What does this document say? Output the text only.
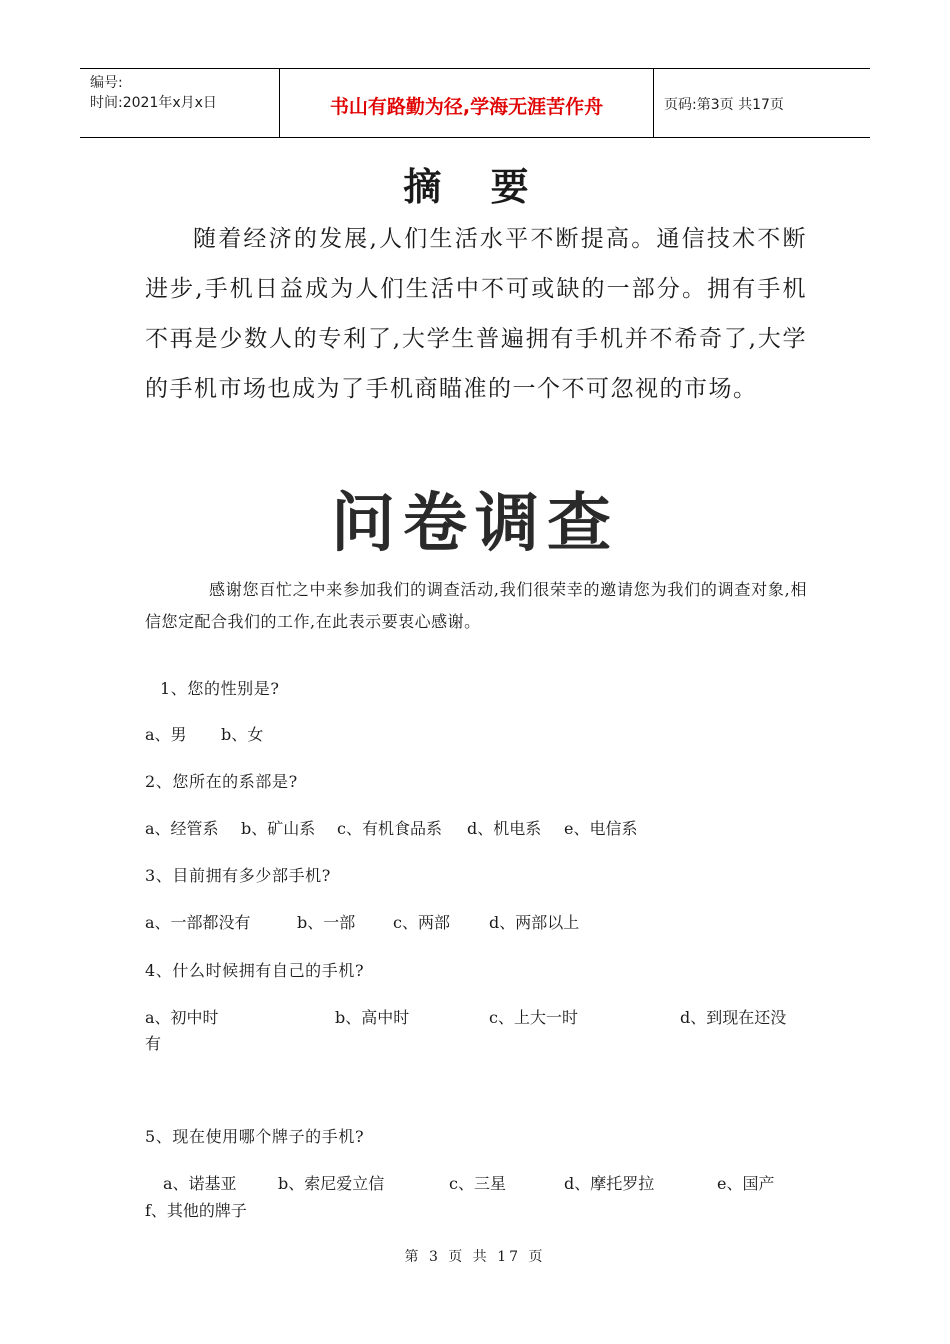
编号:
时间:2021年x月x日	书山有路勤为径,学海无涯苦作舟	页码:第3页 共17页
摘 要
随着经济的发展,人们生活水平不断提高。通信技术不断进步,手机日益成为人们生活中不可或缺的一部分。拥有手机不再是少数人的专利了,大学生普遍拥有手机并不希奇了,大学的手机市场也成为了手机商瞄准的一个不可忽视的市场。
问卷调查
感谢您百忙之中来参加我们的调查活动,我们很荣幸的邀请您为我们的调查对象,相信您定配合我们的工作,在此表示要衷心感谢。
1、您的性别是?
a、男 b、女
2、您所在的系部是?
a、经管系 b、矿山系 c、有机食品系 d、机电系 e、电信系
3、目前拥有多少部手机?
a、一部都没有	b、一部 c、两部 d、两部以上
4、什么时候拥有自己的手机?
a、初中时	b、高中时	c、上大一时	d、到现在还没
有
5、现在使用哪个牌子的手机?
a、诺基亚	b、索尼爱立信	c、三星	d、摩托罗拉	e、国产
f、其他的牌子
第 3 页 共 17 页
